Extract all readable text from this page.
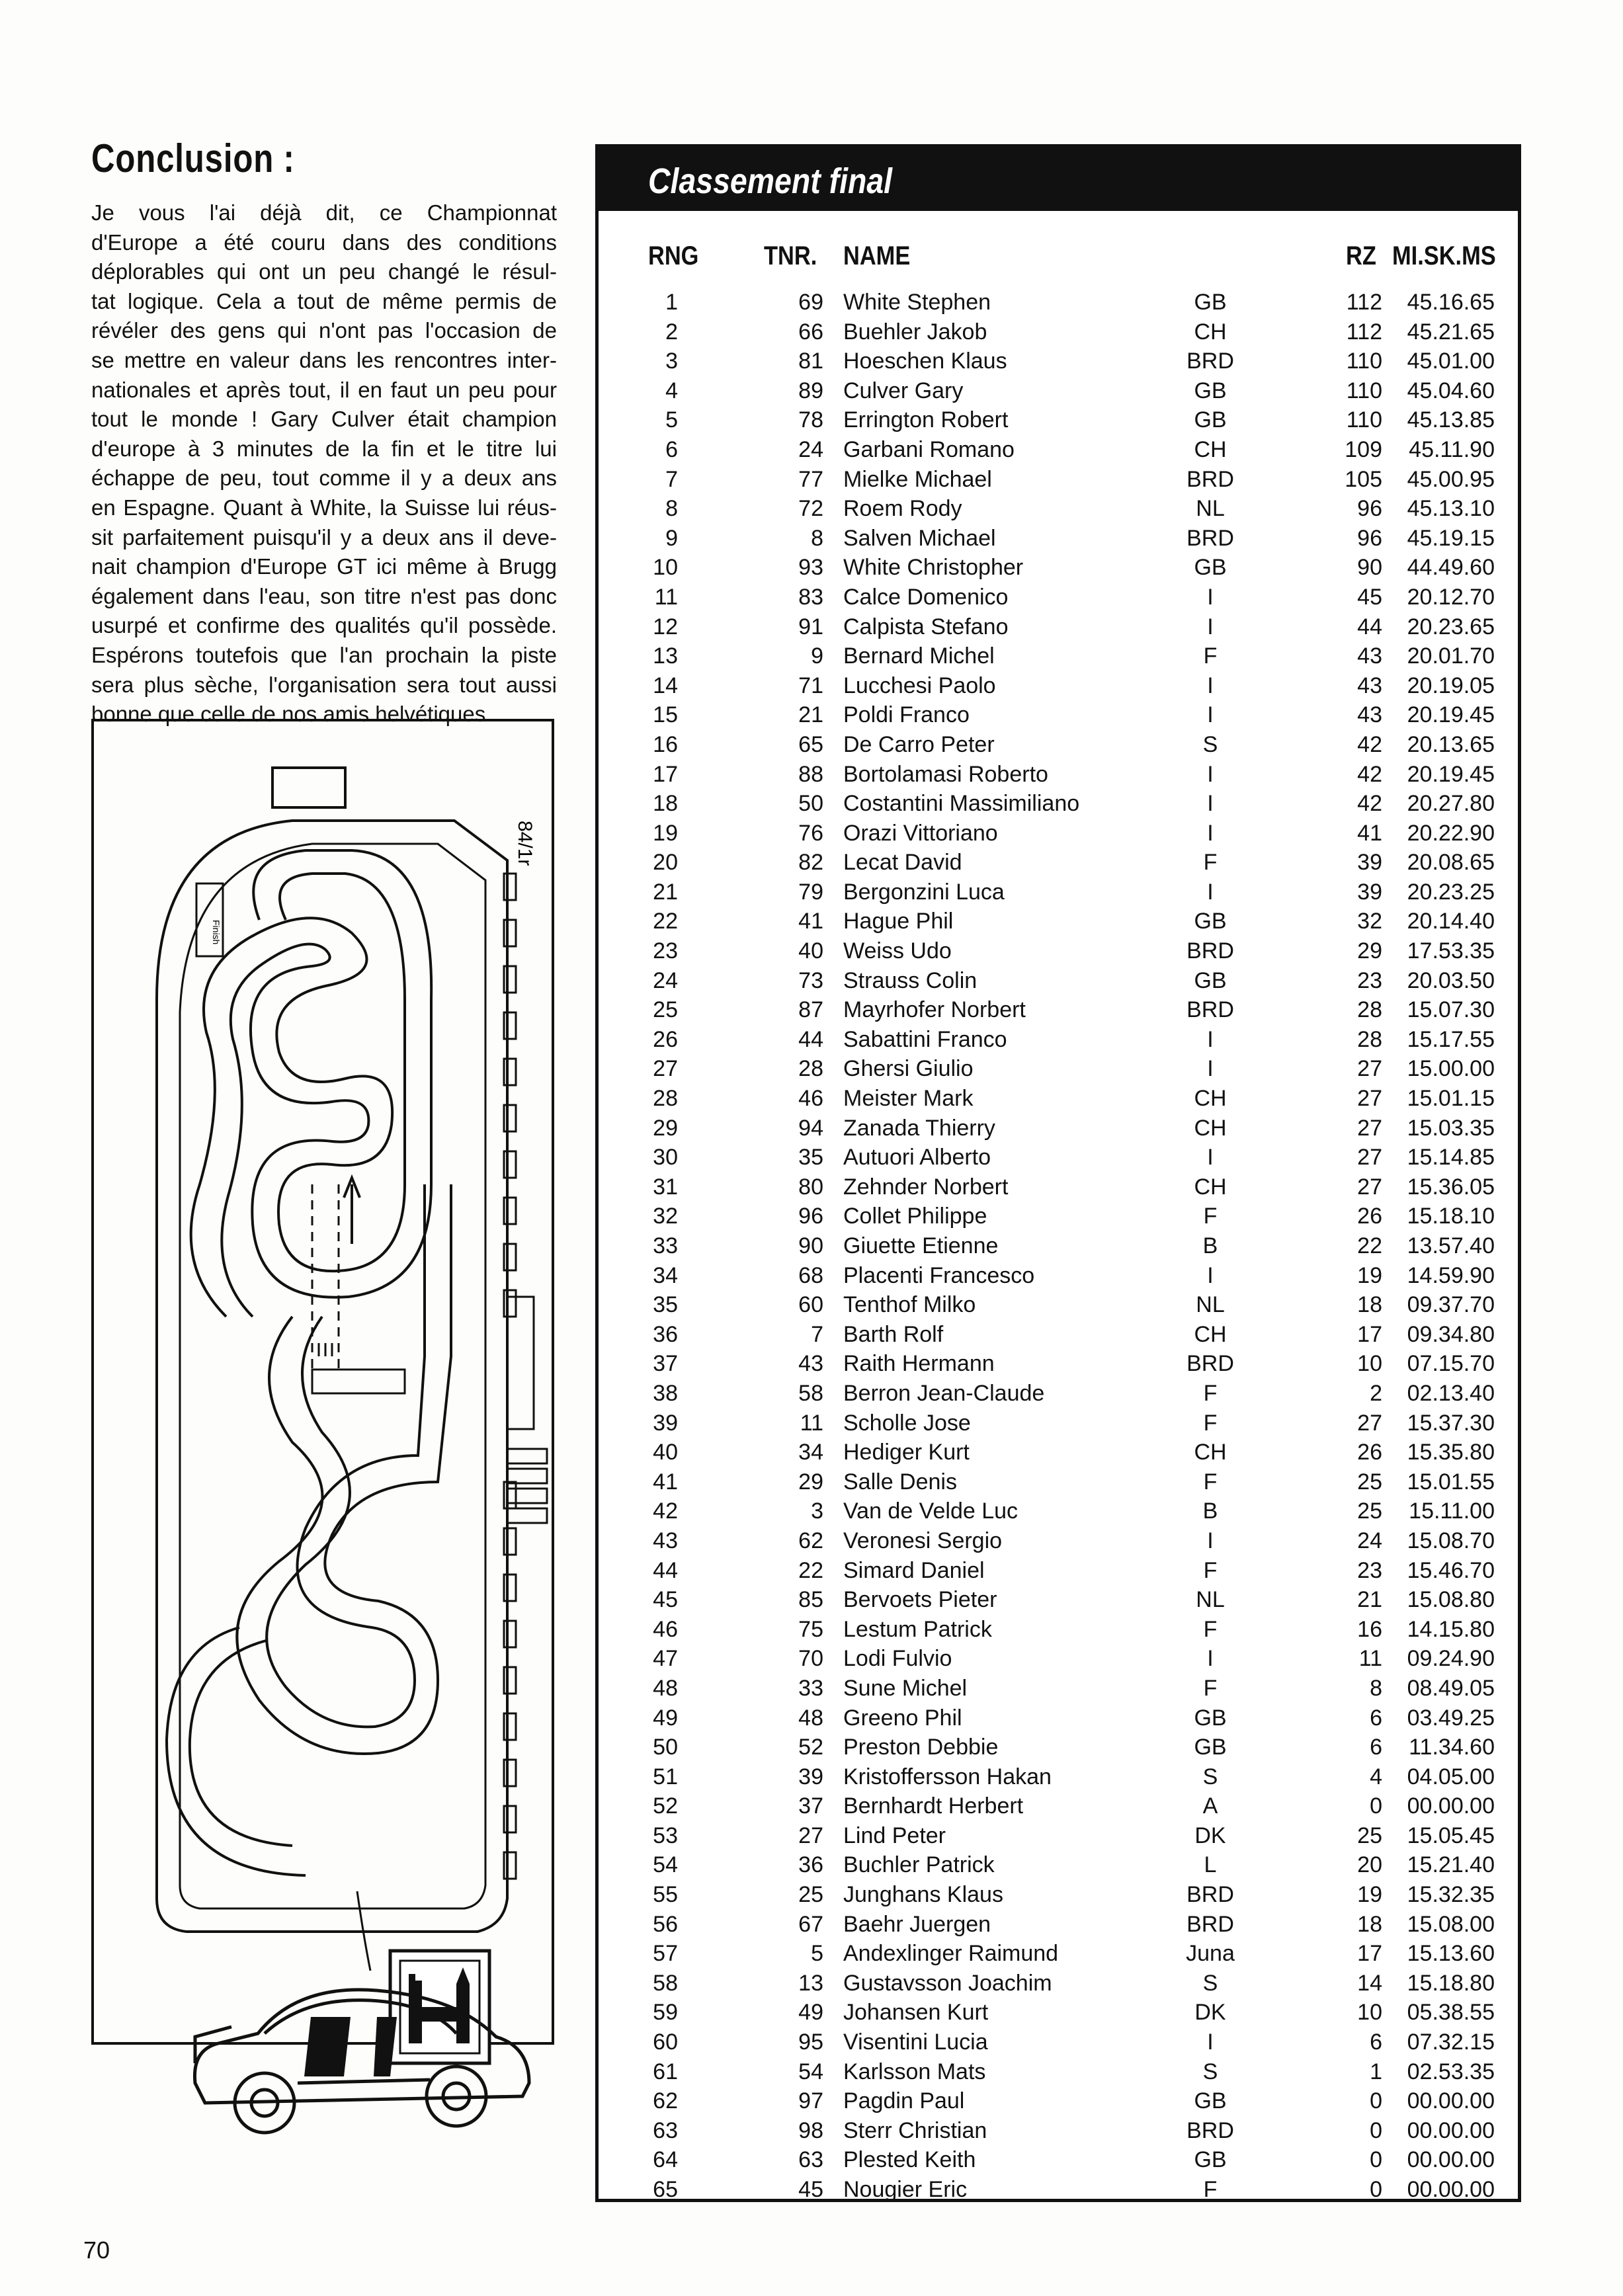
Conclusion :
Je vous l'ai déjà dit, ce Championnat
d'Europe a été couru dans des conditions
déplorables qui ont un peu changé le résul-
tat logique. Cela a tout de même permis de
révéler des gens qui n'ont pas l'occasion de
se mettre en valeur dans les rencontres inter-
nationales et après tout, il en faut un peu pour
tout le monde ! Gary Culver était champion
d'europe à 3 minutes de la fin et le titre lui
échappe de peu, tout comme il y a deux ans
en Espagne. Quant à White, la Suisse lui réus-
sit parfaitement puisqu'il y a deux ans il deve-
nait champion d'Europe GT ici même à Brugg
également dans l'eau, son titre n'est pas donc
usurpé et confirme des qualités qu'il possède.
Espérons toutefois que l'an prochain la piste
sera plus sèche, l'organisation sera tout aussi
bonne que celle de nos amis helvétiques.
Finish
84/1r
70
Classement final
RNG TNR. NAME	RZ MI.SK.MS
1	69 White Stephen	GB	112	45.16.65
2	66 Buehler Jakob	CH	112	45.21.65
3	81 Hoeschen Klaus	BRD	110	45.01.00
4	89 Culver Gary	GB	110	45.04.60
5	78 Errington Robert	GB	110	45.13.85
6	24 Garbani Romano	CH	109	45.11.90
7	77 Mielke Michael	BRD	105	45.00.95
8	72 Roem Rody	NL	96	45.13.10
9	8 Salven Michael	BRD	96	45.19.15
10	93 White Christopher	GB	90	44.49.60
11	83 Calce Domenico	I	45	20.12.70
12	91 Calpista Stefano	I	44	20.23.65
13	9 Bernard Michel	F	43	20.01.70
14	71 Lucchesi Paolo	I	43	20.19.05
15	21 Poldi Franco	I	43	20.19.45
16	65 De Carro Peter	S	42	20.13.65
17	88 Bortolamasi Roberto	I	42	20.19.45
18	50 Costantini Massimiliano	I	42	20.27.80
19	76 Orazi Vittoriano	I	41	20.22.90
20	82 Lecat David	F	39	20.08.65
21	79 Bergonzini Luca	I	39	20.23.25
22	41 Hague Phil	GB	32	20.14.40
23	40 Weiss Udo	BRD	29	17.53.35
24	73 Strauss Colin	GB	23	20.03.50
25	87 Mayrhofer Norbert	BRD	28	15.07.30
26	44 Sabattini Franco	I	28	15.17.55
27	28 Ghersi Giulio	I	27	15.00.00
28	46 Meister Mark	CH	27	15.01.15
29	94 Zanada Thierry	CH	27	15.03.35
30	35 Autuori Alberto	I	27	15.14.85
31	80 Zehnder Norbert	CH	27	15.36.05
32	96 Collet Philippe	F	26	15.18.10
33	90 Giuette Etienne	B	22	13.57.40
34	68 Placenti Francesco	I	19	14.59.90
35	60 Tenthof Milko	NL	18	09.37.70
36	7 Barth Rolf	CH	17	09.34.80
37	43 Raith Hermann	BRD	10	07.15.70
38	58 Berron Jean-Claude	F	2	02.13.40
39	11 Scholle Jose	F	27	15.37.30
40	34 Hediger Kurt	CH	26	15.35.80
41	29 Salle Denis	F	25	15.01.55
42	3 Van de Velde Luc	B	25	15.11.00
43	62 Veronesi Sergio	I	24	15.08.70
44	22 Simard Daniel	F	23	15.46.70
45	85 Bervoets Pieter	NL	21	15.08.80
46	75 Lestum Patrick	F	16	14.15.80
47	70 Lodi Fulvio	I	11	09.24.90
48	33 Sune Michel	F	8	08.49.05
49	48 Greeno Phil	GB	6	03.49.25
50	52 Preston Debbie	GB	6	11.34.60
51	39 Kristoffersson Hakan	S	4	04.05.00
52	37 Bernhardt Herbert	A	0	00.00.00
53	27 Lind Peter	DK	25	15.05.45
54	36 Buchler Patrick	L	20	15.21.40
55	25 Junghans Klaus	BRD	19	15.32.35
56	67 Baehr Juergen	BRD	18	15.08.00
57	5 Andexlinger Raimund	Juna	17	15.13.60
58	13 Gustavsson Joachim	S	14	15.18.80
59	49 Johansen Kurt	DK	10	05.38.55
60	95 Visentini Lucia	I	6	07.32.15
61	54 Karlsson Mats	S	1	02.53.35
62	97 Pagdin Paul	GB	0	00.00.00
63	98 Sterr Christian	BRD	0	00.00.00
64	63 Plested Keith	GB	0	00.00.00
65	45 Nougier Eric	F	0	00.00.00
